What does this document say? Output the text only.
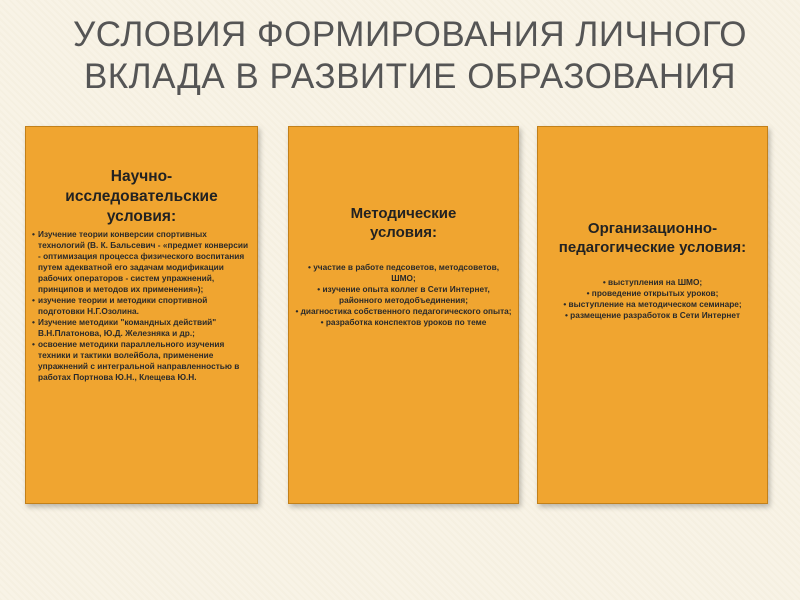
УСЛОВИЯ ФОРМИРОВАНИЯ ЛИЧНОГО
ВКЛАДА В РАЗВИТИЕ ОБРАЗОВАНИЯ
Научно-исследовательские условия:
• Изучение теории конверсии спортивных технологий (В. К. Бальсевич - «предмет конверсии - оптимизация процесса физического воспитания путем адекватной его задачам модификации рабочих операторов - систем упражнений, принципов и методов их применения»);
• изучение теории и методики спортивной подготовки Н.Г.Озолина.
• Изучение методики "командных действий" В.Н.Платонова, Ю.Д. Железняка и др.;
• освоение методики параллельного изучения техники и тактики волейбола, применение упражнений с интегральной направленностью в работах Портнова Ю.Н., Клещева Ю.Н.
Методические условия:
• участие в работе педсоветов, методсоветов, ШМО;
• изучение опыта коллег в Сети Интернет, районного методобъединения;
• диагностика собственного педагогического опыта;
• разработка конспектов уроков по теме
Организационно-педагогические условия:
• выступления на ШМО;
• проведение открытых уроков;
• выступление на методическом семинаре;
• размещение разработок в Сети Интернет
